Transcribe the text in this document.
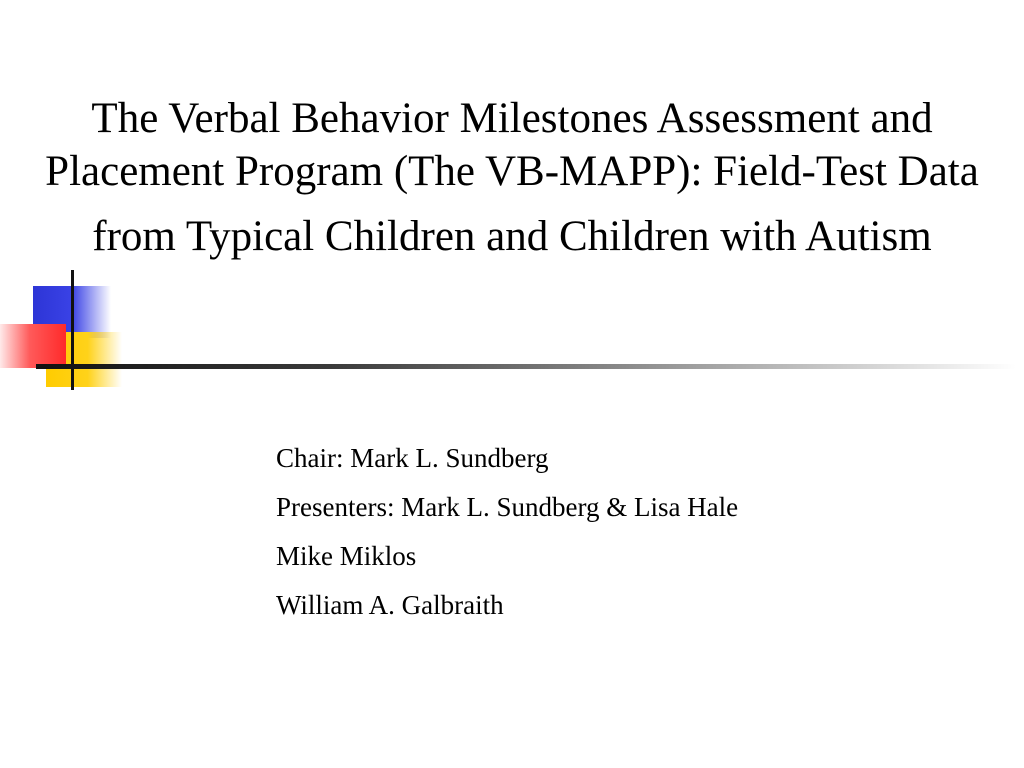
The Verbal Behavior Milestones Assessment and
Placement Program (The VB-MAPP): Field-Test Data
from Typical Children and Children with Autism
Chair: Mark L. Sundberg
Presenters: Mark L. Sundberg & Lisa Hale
Mike Miklos
William A. Galbraith
